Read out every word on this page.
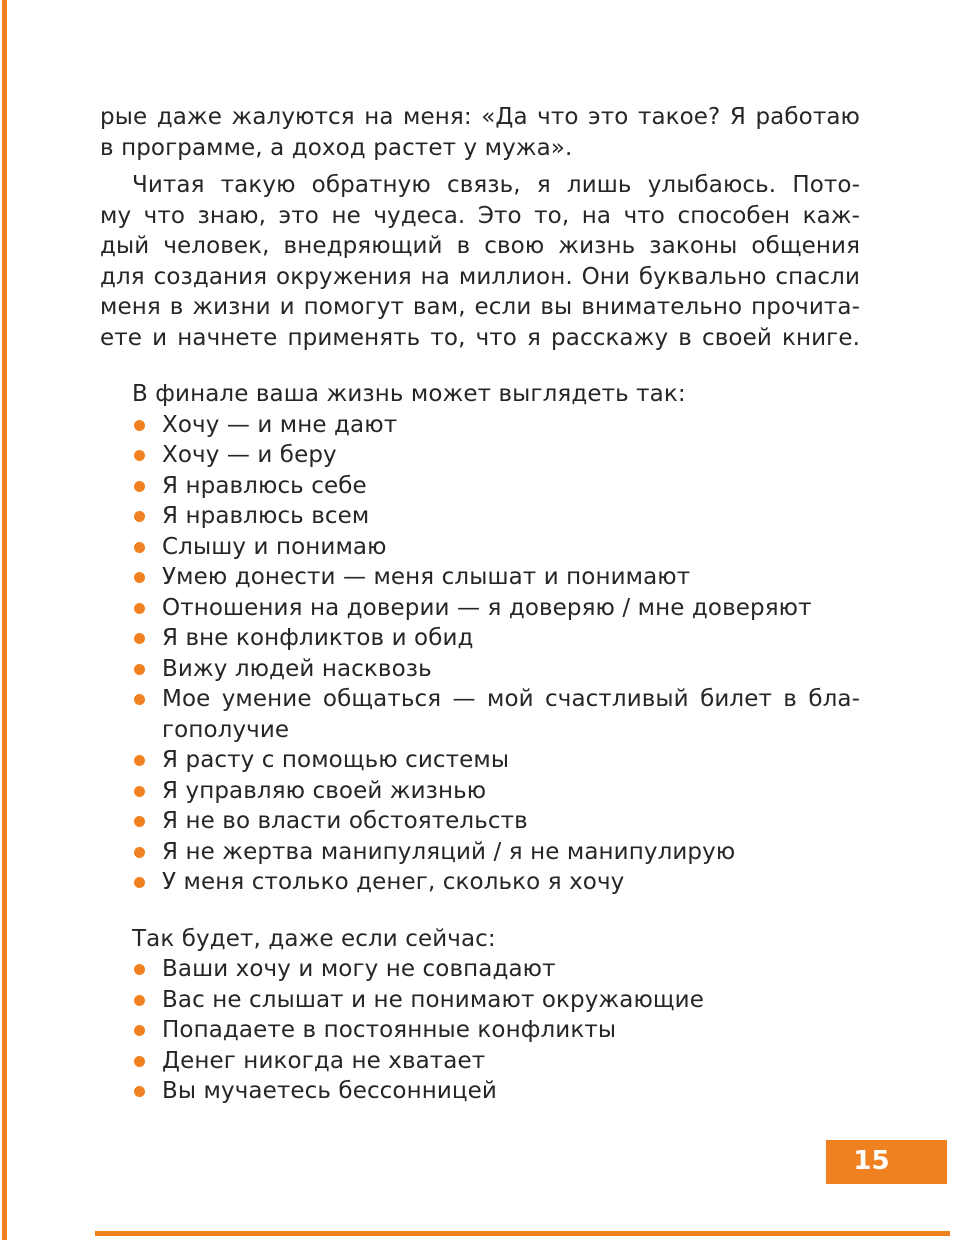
рые даже жалуются на меня: «Да что это такое? Я работаю
в программе, а доход растет у мужа».
Читая такую обратную связь, я лишь улыбаюсь. Пото-
му что знаю, это не чудеса. Это то, на что способен каж-
дый человек, внедряющий в свою жизнь законы общения
для создания окружения на миллион. Они буквально спасли
меня в жизни и помогут вам, если вы внимательно прочита-
ете и начнете применять то, что я расскажу в своей книге.
В финале ваша жизнь может выглядеть так:
Хочу — и мне дают
Хочу — и беру
Я нравлюсь себе
Я нравлюсь всем
Слышу и понимаю
Умею донести — меня слышат и понимают
Отношения на доверии — я доверяю / мне доверяют
Я вне конфликтов и обид
Вижу людей насквозь
Мое умение общаться — мой счастливый билет в бла-
гополучие
Я расту с помощью системы
Я управляю своей жизнью
Я не во власти обстоятельств
Я не жертва манипуляций / я не манипулирую
У меня столько денег, сколько я хочу
Так будет, даже если сейчас:
Ваши хочу и могу не совпадают
Вас не слышат и не понимают окружающие
Попадаете в постоянные конфликты
Денег никогда не хватает
Вы мучаетесь бессонницей
15
